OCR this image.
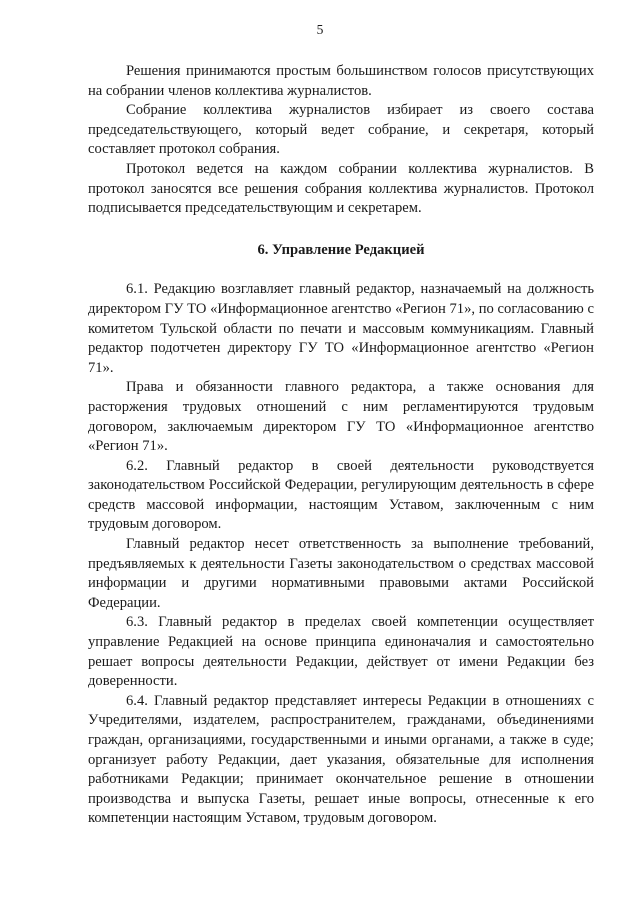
5

Решения принимаются простым большинством голосов присутствующих на собрании членов коллектива журналистов.

Собрание коллектива журналистов избирает из своего состава председательствующего, который ведет собрание, и секретаря, который составляет протокол собрания.

Протокол ведется на каждом собрании коллектива журналистов. В протокол заносятся все решения собрания коллектива журналистов. Протокол подписывается председательствующим и секретарем.

6. Управление Редакцией

6.1. Редакцию возглавляет главный редактор, назначаемый на должность директором ГУ ТО «Информационное агентство «Регион 71», по согласованию с комитетом Тульской области по печати и массовым коммуникациям. Главный редактор подотчетен директору ГУ ТО «Информационное агентство «Регион 71».

Права и обязанности главного редактора, а также основания для расторжения трудовых отношений с ним регламентируются трудовым договором, заключаемым директором ГУ ТО «Информационное агентство «Регион 71».

6.2. Главный редактор в своей деятельности руководствуется законодательством Российской Федерации, регулирующим деятельность в сфере средств массовой информации, настоящим Уставом, заключенным с ним трудовым договором.

Главный редактор несет ответственность за выполнение требований, предъявляемых к деятельности Газеты законодательством о средствах массовой информации и другими нормативными правовыми актами Российской Федерации.

6.3. Главный редактор в пределах своей компетенции осуществляет управление Редакцией на основе принципа единоначалия и самостоятельно решает вопросы деятельности Редакции, действует от имени Редакции без доверенности.

6.4. Главный редактор представляет интересы Редакции в отношениях с Учредителями, издателем, распространителем, гражданами, объединениями граждан, организациями, государственными и иными органами, а также в суде; организует работу Редакции, дает указания, обязательные для исполнения работниками Редакции; принимает окончательное решение в отношении производства и выпуска Газеты, решает иные вопросы, отнесенные к его компетенции настоящим Уставом, трудовым договором.
